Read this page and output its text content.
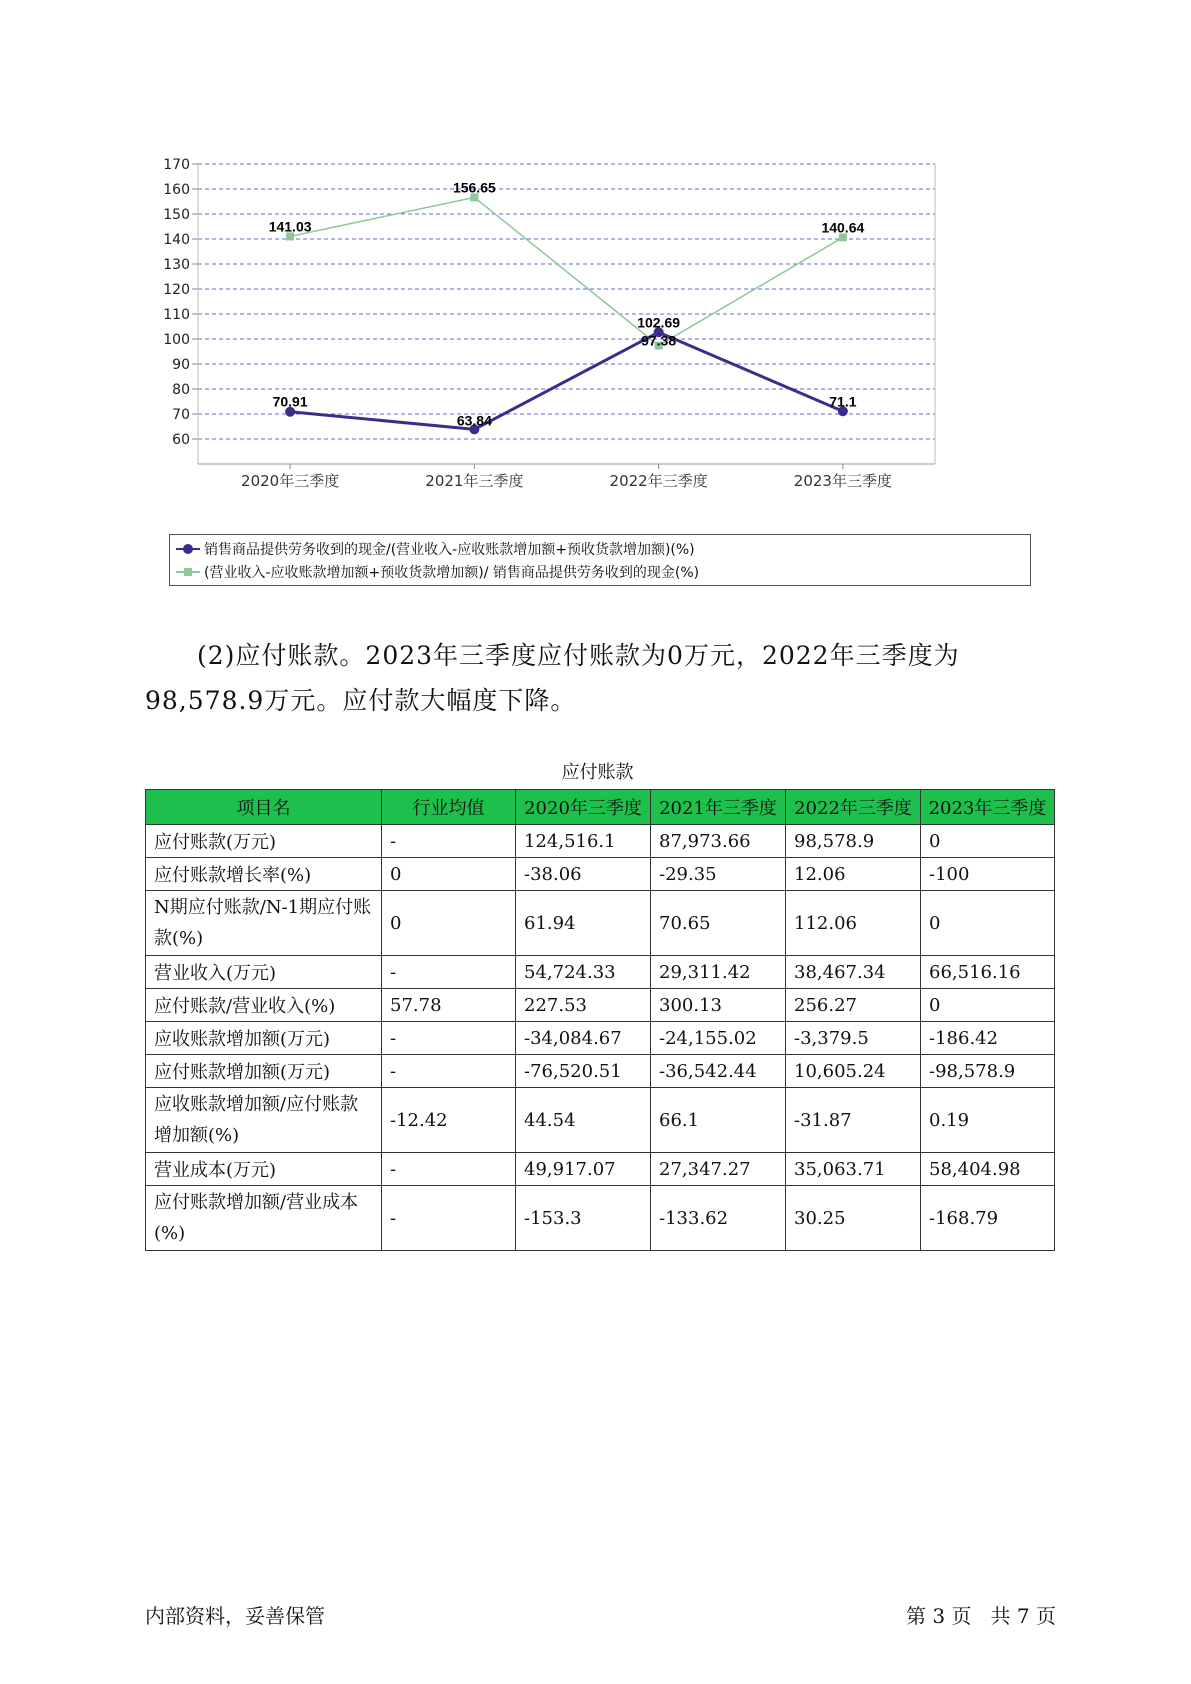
60
70
80
90
100
110
120
130
140
150
160
170
2020年三季度	2021年三季度	2022年三季度	2023年三季度
70.91
63.84
102.69
71.1
141.03
156.65
97.38
140.64
销售商品提供劳务收到的现金/(营业收入-应收账款增加额+预收货款增加额)(%)
(营业收入-应收账款增加额+预收货款增加额)/ 销售商品提供劳务收到的现金(%)
(2)应付账款。2023年三季度应付账款为0万元，2022年三季度为
98,578.9万元。应付款大幅度下降。
应付账款
项目名	行业均值	2020年三季度	2021年三季度	2022年三季度	2023年三季度
应付账款(万元)	-	124,516.1	87,973.66	98,578.9	0
应付账款增长率(%)	0	-38.06	-29.35	12.06	-100
N期应付账款/N-1期应付账款(%)	0	61.94	70.65	112.06	0
营业收入(万元)	-	54,724.33	29,311.42	38,467.34	66,516.16
应付账款/营业收入(%)	57.78	227.53	300.13	256.27	0
应收账款增加额(万元)	-	-34,084.67	-24,155.02	-3,379.5	-186.42
应付账款增加额(万元)	-	-76,520.51	-36,542.44	10,605.24	-98,578.9
应收账款增加额/应付账款增加额(%)	-12.42	44.54	66.1	-31.87	0.19
营业成本(万元)	-	49,917.07	27,347.27	35,063.71	58,404.98
应付账款增加额/营业成本(%)	-	-153.3	-133.62	30.25	-168.79
内部资料，妥善保管	第 3 页   共 7 页
